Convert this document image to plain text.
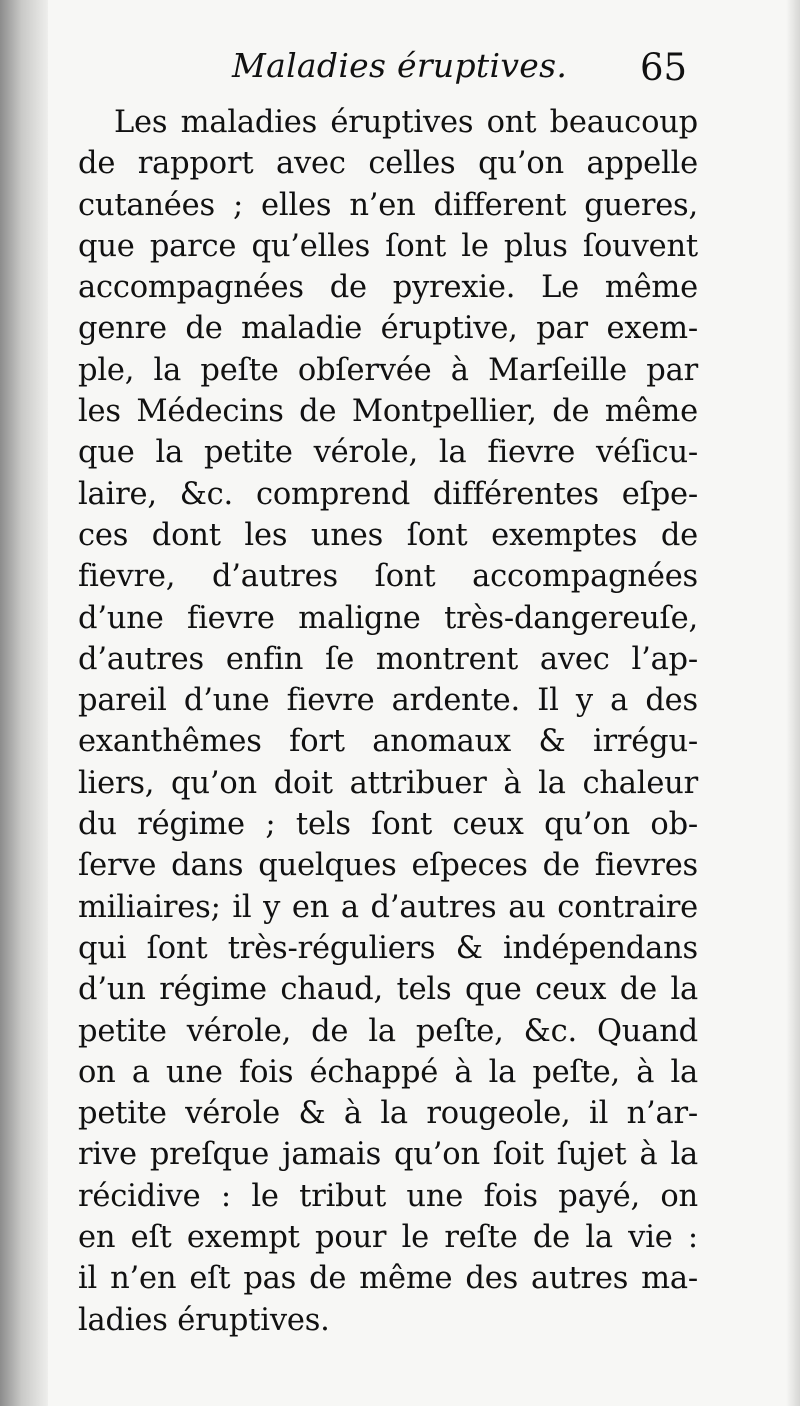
Maladies éruptives. 65
Les maladies éruptives ont beaucoup
de rapport avec celles qu’on appelle
cutanées ; elles n’en different gueres,
que parce qu’elles ſont le plus ſouvent
accompagnées de pyrexie. Le même
genre de maladie éruptive, par exem-
ple, la peſte obſervée à Marſeille par
les Médecins de Montpellier, de même
que la petite vérole, la fievre véſicu-
laire, &c. comprend différentes eſpe-
ces dont les unes ſont exemptes de
fievre, d’autres ſont accompagnées
d’une fievre maligne très-dangereuſe,
d’autres enfin ſe montrent avec l’ap-
pareil d’une fievre ardente. Il y a des
exanthêmes fort anomaux & irrégu-
liers, qu’on doit attribuer à la chaleur
du régime ; tels ſont ceux qu’on ob-
ſerve dans quelques eſpeces de fievres
miliaires; il y en a d’autres au contraire
qui ſont très-réguliers & indépendans
d’un régime chaud, tels que ceux de la
petite vérole, de la peſte, &c. Quand
on a une fois échappé à la peſte, à la
petite vérole & à la rougeole, il n’ar-
rive preſque jamais qu’on ſoit ſujet à la
récidive : le tribut une fois payé, on
en eſt exempt pour le reſte de la vie :
il n’en eſt pas de même des autres ma-
ladies éruptives.
